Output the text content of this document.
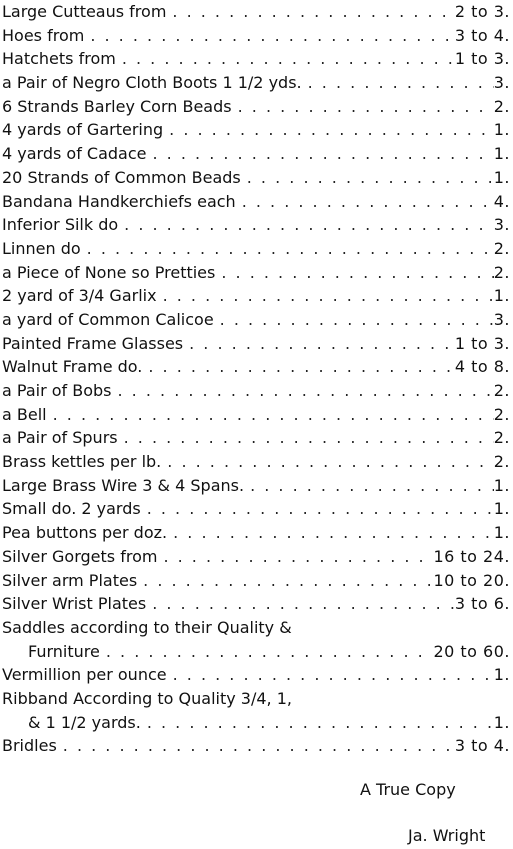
Large Cutteaus from . . .	2 to 3.
Hoes from . . .	3 to 4.
Hatchets from . . .	1 to 3.
a Pair of Negro Cloth Boots 1 1/2 yds. . . .	3.
6 Strands Barley Corn Beads . . .	2.
4 yards of Gartering . . .	1.
4 yards of Cadace . . .	1.
20 Strands of Common Beads . . .	1.
Bandana Handkerchiefs each . . .	4.
Inferior Silk do . . .	3.
Linnen do . . .	2.
a Piece of None so Pretties . . .	2.
2 yard of 3/4 Garlix . . .	1.
a yard of Common Calicoe . . .	3.
Painted Frame Glasses . . .	1 to 3.
Walnut Frame do. . . .	4 to 8.
a Pair of Bobs . . .	2.
a Bell . . .	2.
a Pair of Spurs . . .	2.
Brass kettles per lb. . . .	2.
Large Brass Wire 3 & 4 Spans. . . .	1.
Small do. 2 yards . . .	1.
Pea buttons per doz. . . .	1.
Silver Gorgets from . . .	16 to 24.
Silver arm Plates . . .	10 to 20.
Silver Wrist Plates . . .	3 to 6.
Saddles according to their Quality &
Furniture . . .	20 to 60.
Vermillion per ounce . . .	1.
Ribband According to Quality 3/4, 1,
& 1 1/2 yards. . . .	1.
Bridles . . .	3 to 4.
A True Copy
Ja. Wright
